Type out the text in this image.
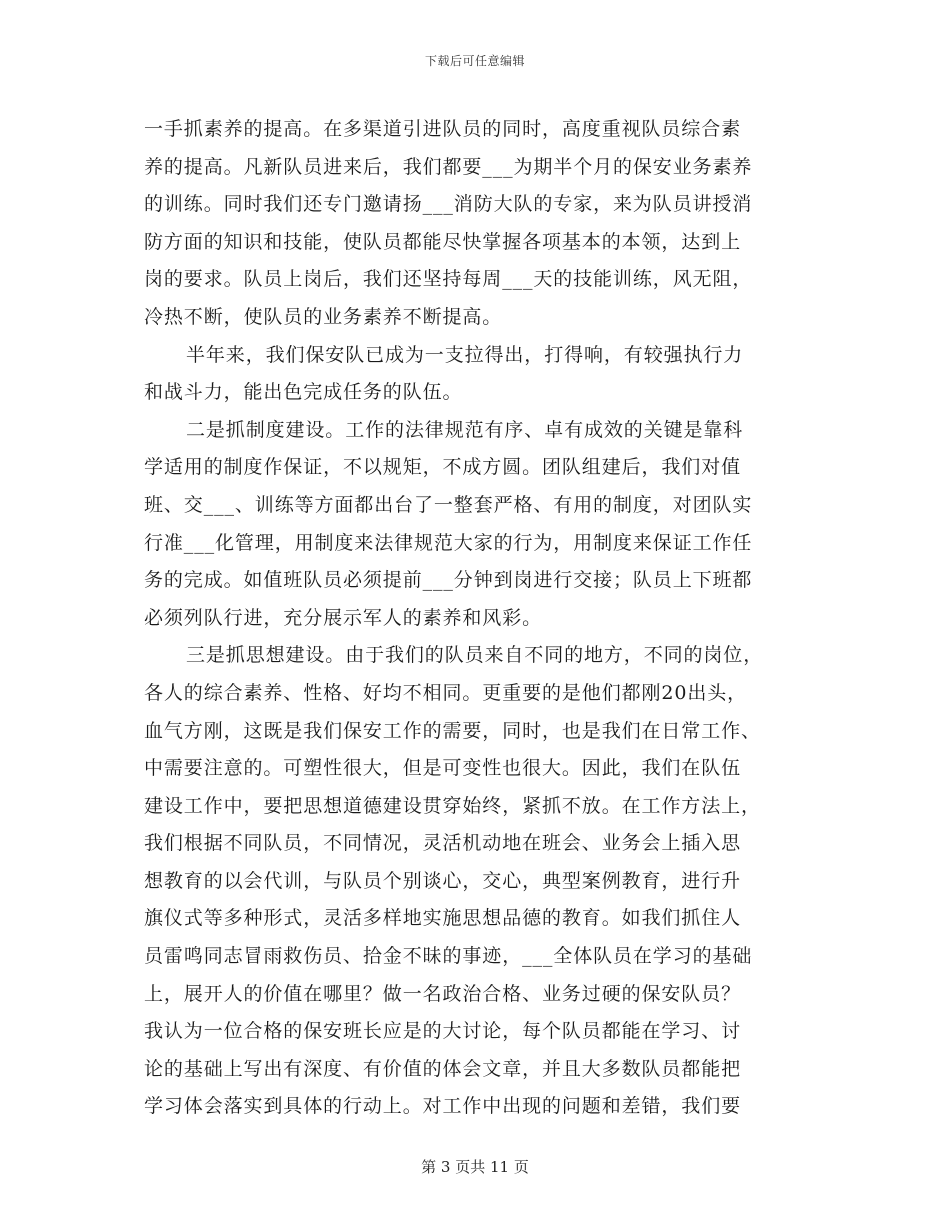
下载后可任意编辑
一手抓素养的提高。在多渠道引进队员的同时，高度重视队员综合素
养的提高。凡新队员进来后，我们都要___为期半个月的保安业务素养
的训练。同时我们还专门邀请扬___消防大队的专家，来为队员讲授消
防方面的知识和技能，使队员都能尽快掌握各项基本的本领，达到上
岗的要求。队员上岗后，我们还坚持每周___天的技能训练，风无阻，
冷热不断，使队员的业务素养不断提高。
半年来，我们保安队已成为一支拉得出，打得响，有较强执行力
和战斗力，能出色完成任务的队伍。
二是抓制度建设。工作的法律规范有序、卓有成效的关键是靠科
学适用的制度作保证，不以规矩，不成方圆。团队组建后，我们对值
班、交___、训练等方面都出台了一整套严格、有用的制度，对团队实
行准___化管理，用制度来法律规范大家的行为，用制度来保证工作任
务的完成。如值班队员必须提前___分钟到岗进行交接；队员上下班都
必须列队行进，充分展示军人的素养和风彩。
三是抓思想建设。由于我们的队员来自不同的地方，不同的岗位，
各人的综合素养、性格、好均不相同。更重要的是他们都刚20出头，
血气方刚，这既是我们保安工作的需要，同时，也是我们在日常工作、
中需要注意的。可塑性很大，但是可变性也很大。因此，我们在队伍
建设工作中，要把思想道德建设贯穿始终，紧抓不放。在工作方法上，
我们根据不同队员，不同情况，灵活机动地在班会、业务会上插入思
想教育的以会代训，与队员个别谈心，交心，典型案例教育，进行升
旗仪式等多种形式，灵活多样地实施思想品德的教育。如我们抓住人
员雷鸣同志冒雨救伤员、拾金不昧的事迹，___全体队员在学习的基础
上，展开人的价值在哪里？做一名政治合格、业务过硬的保安队员？
我认为一位合格的保安班长应是的大讨论，每个队员都能在学习、讨
论的基础上写出有深度、有价值的体会文章，并且大多数队员都能把
学习体会落实到具体的行动上。对工作中出现的问题和差错，我们要
第 3 页共 11 页
